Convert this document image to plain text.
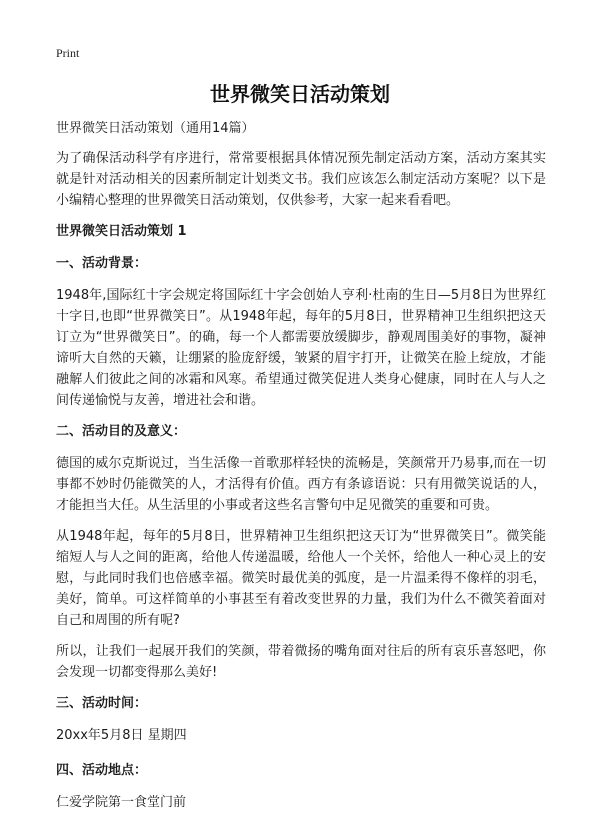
Print
世界微笑日活动策划

世界微笑日活动策划（通用14篇）

为了确保活动科学有序进行，常常要根据具体情况预先制定活动方案，活动方案其实就是针对活动相关的因素所制定计划类文书。我们应该怎么制定活动方案呢？以下是小编精心整理的世界微笑日活动策划，仅供参考，大家一起来看看吧。

世界微笑日活动策划 1

一、活动背景：

1948年,国际红十字会规定将国际红十字会创始人亨利·杜南的生日—5月8日为世界红十字日,也即“世界微笑日”。从1948年起，每年的5月8日，世界精神卫生组织把这天订立为“世界微笑日”。的确，每一个人都需要放缓脚步，静观周围美好的事物，凝神谛听大自然的天籁，让绷紧的脸庞舒缓，皱紧的眉宇打开，让微笑在脸上绽放，才能融解人们彼此之间的冰霜和风寒。希望通过微笑促进人类身心健康，同时在人与人之间传递愉悦与友善，增进社会和谐。

二、活动目的及意义：

德国的威尔克斯说过，当生活像一首歌那样轻快的流畅是，笑颜常开乃易事,而在一切事都不妙时仍能微笑的人，才活得有价值。西方有条谚语说：只有用微笑说话的人，才能担当大任。从生活里的小事或者这些名言警句中足见微笑的重要和可贵。

从1948年起，每年的5月8日，世界精神卫生组织把这天订为“世界微笑日”。微笑能缩短人与人之间的距离，给他人传递温暖，给他人一个关怀，给他人一种心灵上的安慰，与此同时我们也倍感幸福。微笑时最优美的弧度，是一片温柔得不像样的羽毛，美好，简单。可这样简单的小事甚至有着改变世界的力量，我们为什么不微笑着面对自己和周围的所有呢?

所以，让我们一起展开我们的笑颜，带着微扬的嘴角面对往后的所有哀乐喜怒吧，你会发现一切都变得那么美好!

三、活动时间：

20xx年5月8日 星期四

四、活动地点：

仁爱学院第一食堂门前
